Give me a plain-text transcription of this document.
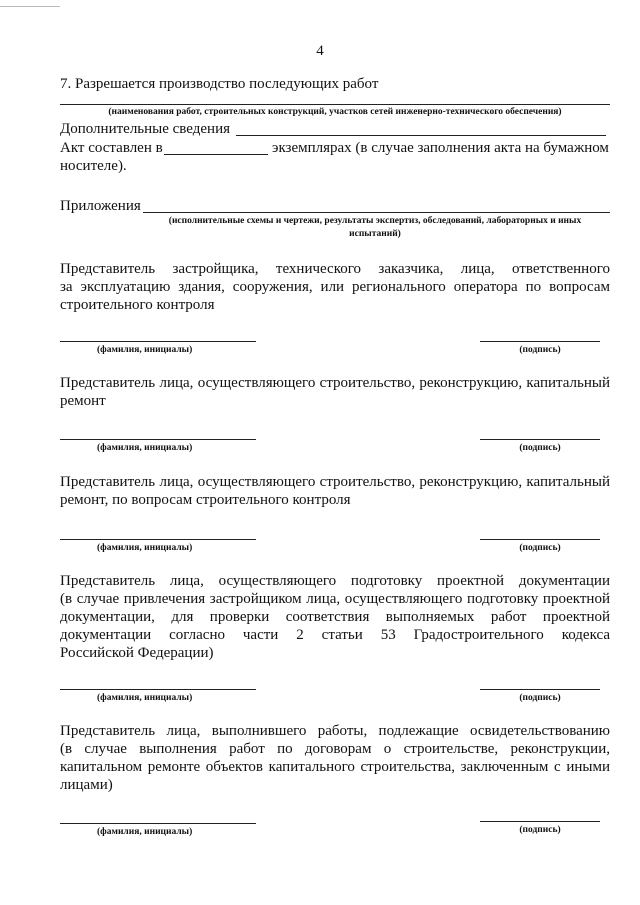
4
7. Разрешается производство последующих работ
(наименования работ, строительных конструкций, участков сетей инженерно-технического обеспечения)
Дополнительные сведения
Акт составлен в	экземплярах (в случае заполнения акта на бумажном
носителе).
Приложения
(исполнительные схемы и чертежи, результаты экспертиз, обследований, лабораторных и иных
испытаний)
Представитель застройщика, технического заказчика, лица, ответственного
за эксплуатацию здания, сооружения, или регионального оператора по вопросам
строительного контроля
(фамилия, инициалы)	(подпись)
Представитель лица, осуществляющего строительство, реконструкцию, капитальный
ремонт
(фамилия, инициалы)	(подпись)
Представитель лица, осуществляющего строительство, реконструкцию, капитальный
ремонт, по вопросам строительного контроля
(фамилия, инициалы)	(подпись)
Представитель лица, осуществляющего подготовку проектной документации
(в случае привлечения застройщиком лица, осуществляющего подготовку проектной
документации, для проверки соответствия выполняемых работ проектной
документации согласно части 2 статьи 53 Градостроительного кодекса
Российской Федерации)
(фамилия, инициалы)	(подпись)
Представитель лица, выполнившего работы, подлежащие освидетельствованию
(в случае выполнения работ по договорам о строительстве, реконструкции,
капитальном ремонте объектов капитального строительства, заключенным с иными
лицами)
(фамилия, инициалы)	(подпись)
